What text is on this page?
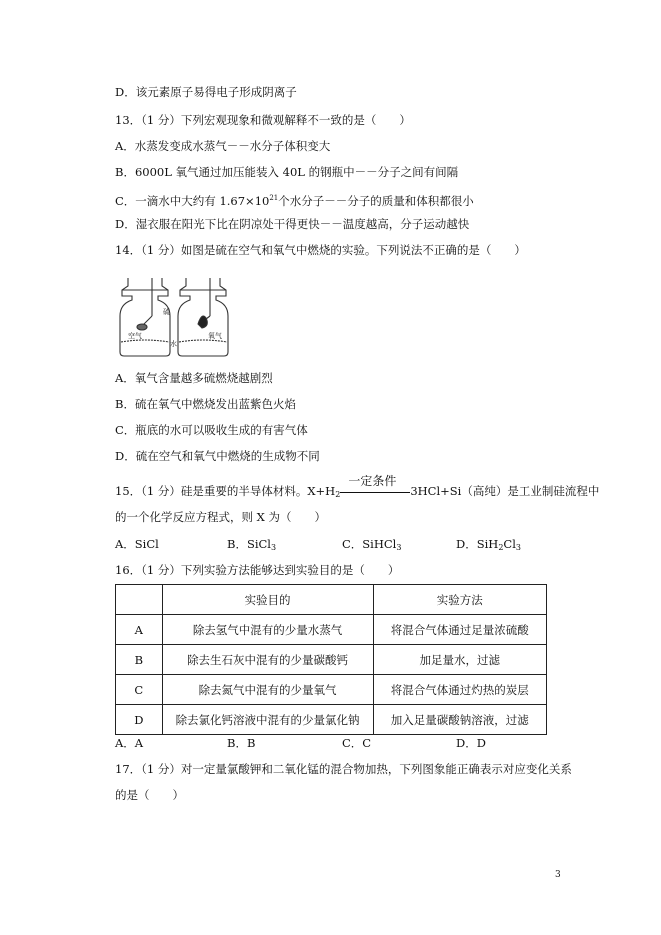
D．该元素原子易得电子形成阴离子
13．（1 分）下列宏观现象和微观解释不一致的是（　　）
A．水蒸发变成水蒸气－－水分子体积变大
B．6000L 氧气通过加压能装入 40L 的钢瓶中－－分子之间有间隔
C．一滴水中大约有 $1.67\times 10^{21}$个水分子－－分子的质量和体积都很小
D．湿衣服在阳光下比在阴凉处干得更快－－温度越高，分子运动越快
14．（1 分）如图是硫在空气和氧气中燃烧的实验。下列说法不正确的是（　　）
硫
空气	氧气
水
A．氧气含量越多硫燃烧越剧烈
B．硫在氧气中燃烧发出蓝紫色火焰
C．瓶底的水可以吸收生成的有害气体
D．硫在空气和氧气中燃烧的生成物不同
15．（1 分）硅是重要的半导体材料。$X+H_2$
一定条件
3HCl+Si（高纯）是工业制硅流程中
的一个化学反应方程式，则 X 为（　　）
A．SiCl	B．SiCl$_3$	C．SiHCl$_3$	D．$SiH_2Cl_3$
16．（1 分）下列实验方法能够达到实验目的是（　　）
	实验目的	实验方法
A	除去氢气中混有的少量水蒸气	将混合气体通过足量浓硫酸
B	除去生石灰中混有的少量碳酸钙	加足量水，过滤
C	除去氮气中混有的少量氧气	将混合气体通过灼热的炭层
D	除去氯化钙溶液中混有的少量氯化钠	加入足量碳酸钠溶液，过滤
A．A	B．B	C．C	D．D
17．（1 分）对一定量氯酸钾和二氧化锰的混合物加热，下列图象能正确表示对应变化关系
的是（　　）
3
